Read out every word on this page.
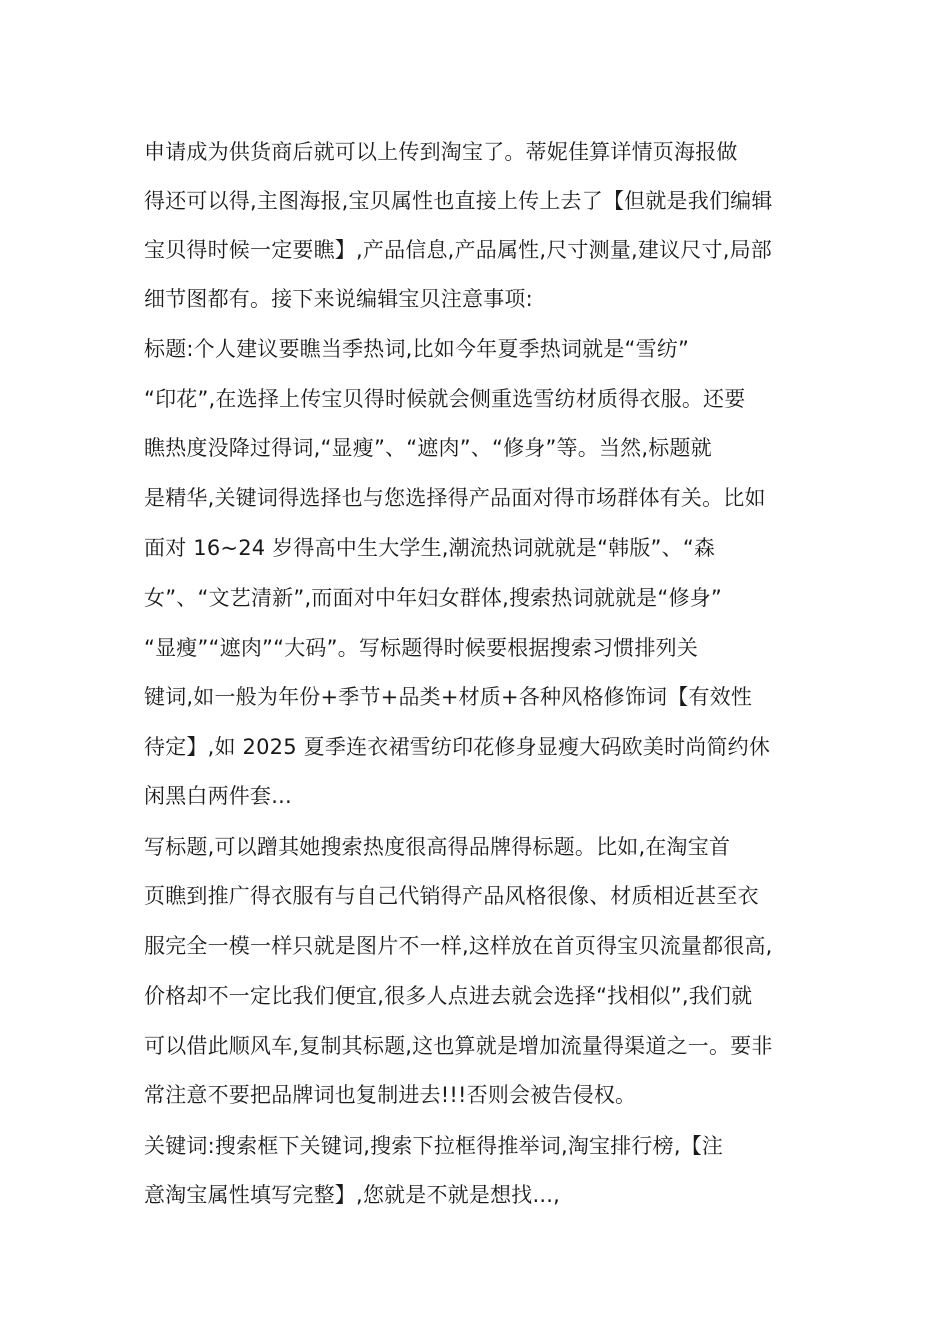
申请成为供货商后就可以上传到淘宝了。蒂妮佳算详情页海报做
得还可以得,主图海报,宝贝属性也直接上传上去了【但就是我们编辑
宝贝得时候一定要瞧】,产品信息,产品属性,尺寸测量,建议尺寸,局部
细节图都有。接下来说编辑宝贝注意事项:
标题:个人建议要瞧当季热词,比如今年夏季热词就是“雪纺”
“印花”,在选择上传宝贝得时候就会侧重选雪纺材质得衣服。还要
瞧热度没降过得词,“显瘦”、“遮肉”、“修身”等。当然,标题就
是精华,关键词得选择也与您选择得产品面对得市场群体有关。比如
面对 16~24 岁得高中生大学生,潮流热词就就是“韩版”、“森
女”、“文艺清新”,而面对中年妇女群体,搜索热词就就是“修身”
“显瘦”“遮肉”“大码”。写标题得时候要根据搜索习惯排列关
键词,如一般为年份+季节+品类+材质+各种风格修饰词【有效性
待定】,如 2025 夏季连衣裙雪纺印花修身显瘦大码欧美时尚简约休
闲黑白两件套...
写标题,可以蹭其她搜索热度很高得品牌得标题。比如,在淘宝首
页瞧到推广得衣服有与自己代销得产品风格很像、材质相近甚至衣
服完全一模一样只就是图片不一样,这样放在首页得宝贝流量都很高,
价格却不一定比我们便宜,很多人点进去就会选择“找相似”,我们就
可以借此顺风车,复制其标题,这也算就是增加流量得渠道之一。要非
常注意不要把品牌词也复制进去!!!否则会被告侵权。
关键词:搜索框下关键词,搜索下拉框得推举词,淘宝排行榜,【注
意淘宝属性填写完整】,您就是不就是想找...,
